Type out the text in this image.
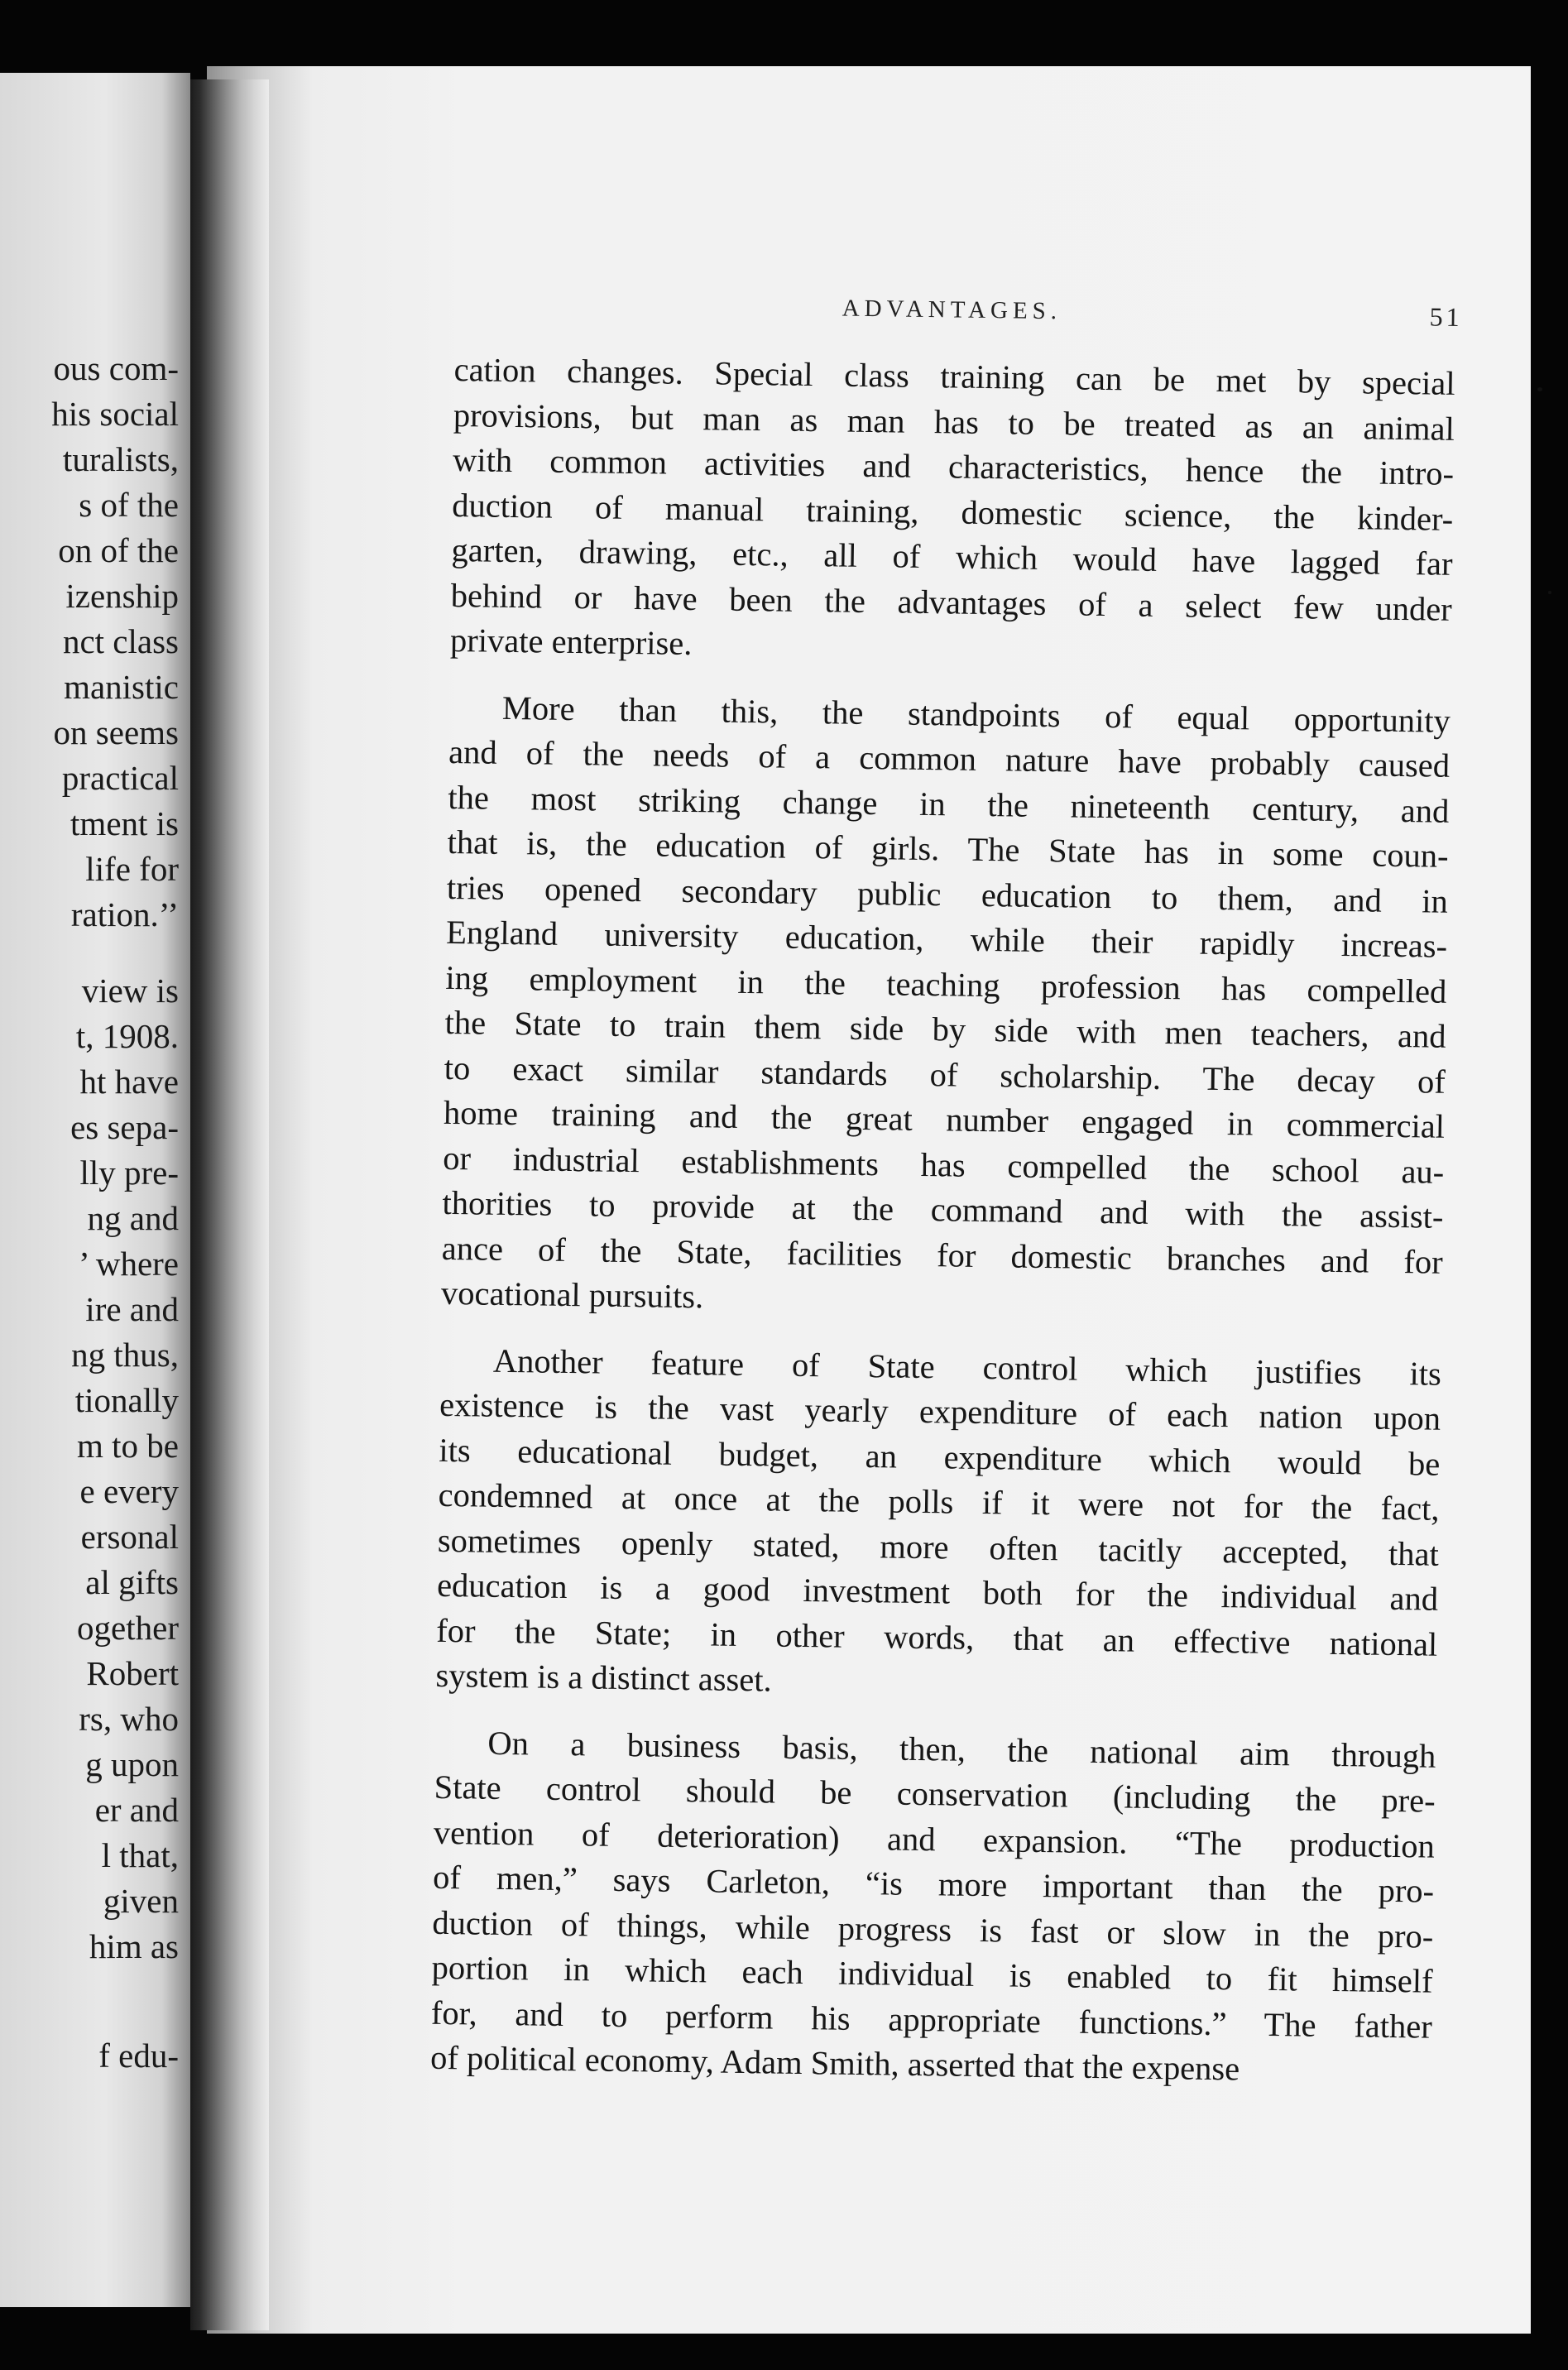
ous com-
his social
turalists,
s of the
on of the
izenship
nct class
manistic
on seems
practical
tment is
life for
ration.’’
view is
t, 1908.
ht have
es sepa-
lly pre-
ng and
’ where
ire and
ng thus,
tionally
m to be
e every
ersonal
al gifts
ogether
Robert
rs, who
g upon
er and
l that,
given
him as
f edu-
ADVANTAGES.	51
cation changes. Special class training can be met by special
provisions, but man as man has to be treated as an animal
with common activities and characteristics, hence the intro-
duction of manual training, domestic science, the kinder-
garten, drawing, etc., all of which would have lagged far
behind or have been the advantages of a select few under
private enterprise.
More than this, the standpoints of equal opportunity
and of the needs of a common nature have probably caused
the most striking change in the nineteenth century, and
that is, the education of girls. The State has in some coun-
tries opened secondary public education to them, and in
England university education, while their rapidly increas-
ing employment in the teaching profession has compelled
the State to train them side by side with men teachers, and
to exact similar standards of scholarship. The decay of
home training and the great number engaged in commercial
or industrial establishments has compelled the school au-
thorities to provide at the command and with the assist-
ance of the State, facilities for domestic branches and for
vocational pursuits.
Another feature of State control which justifies its
existence is the vast yearly expenditure of each nation upon
its educational budget, an expenditure which would be
condemned at once at the polls if it were not for the fact,
sometimes openly stated, more often tacitly accepted, that
education is a good investment both for the individual and
for the State; in other words, that an effective national
system is a distinct asset.
On a business basis, then, the national aim through
State control should be conservation (including the pre-
vention of deterioration) and expansion. “The production
of men,” says Carleton, “is more important than the pro-
duction of things, while progress is fast or slow in the pro-
portion in which each individual is enabled to fit himself
for, and to perform his appropriate functions.” The father
of political economy, Adam Smith, asserted that the expense
